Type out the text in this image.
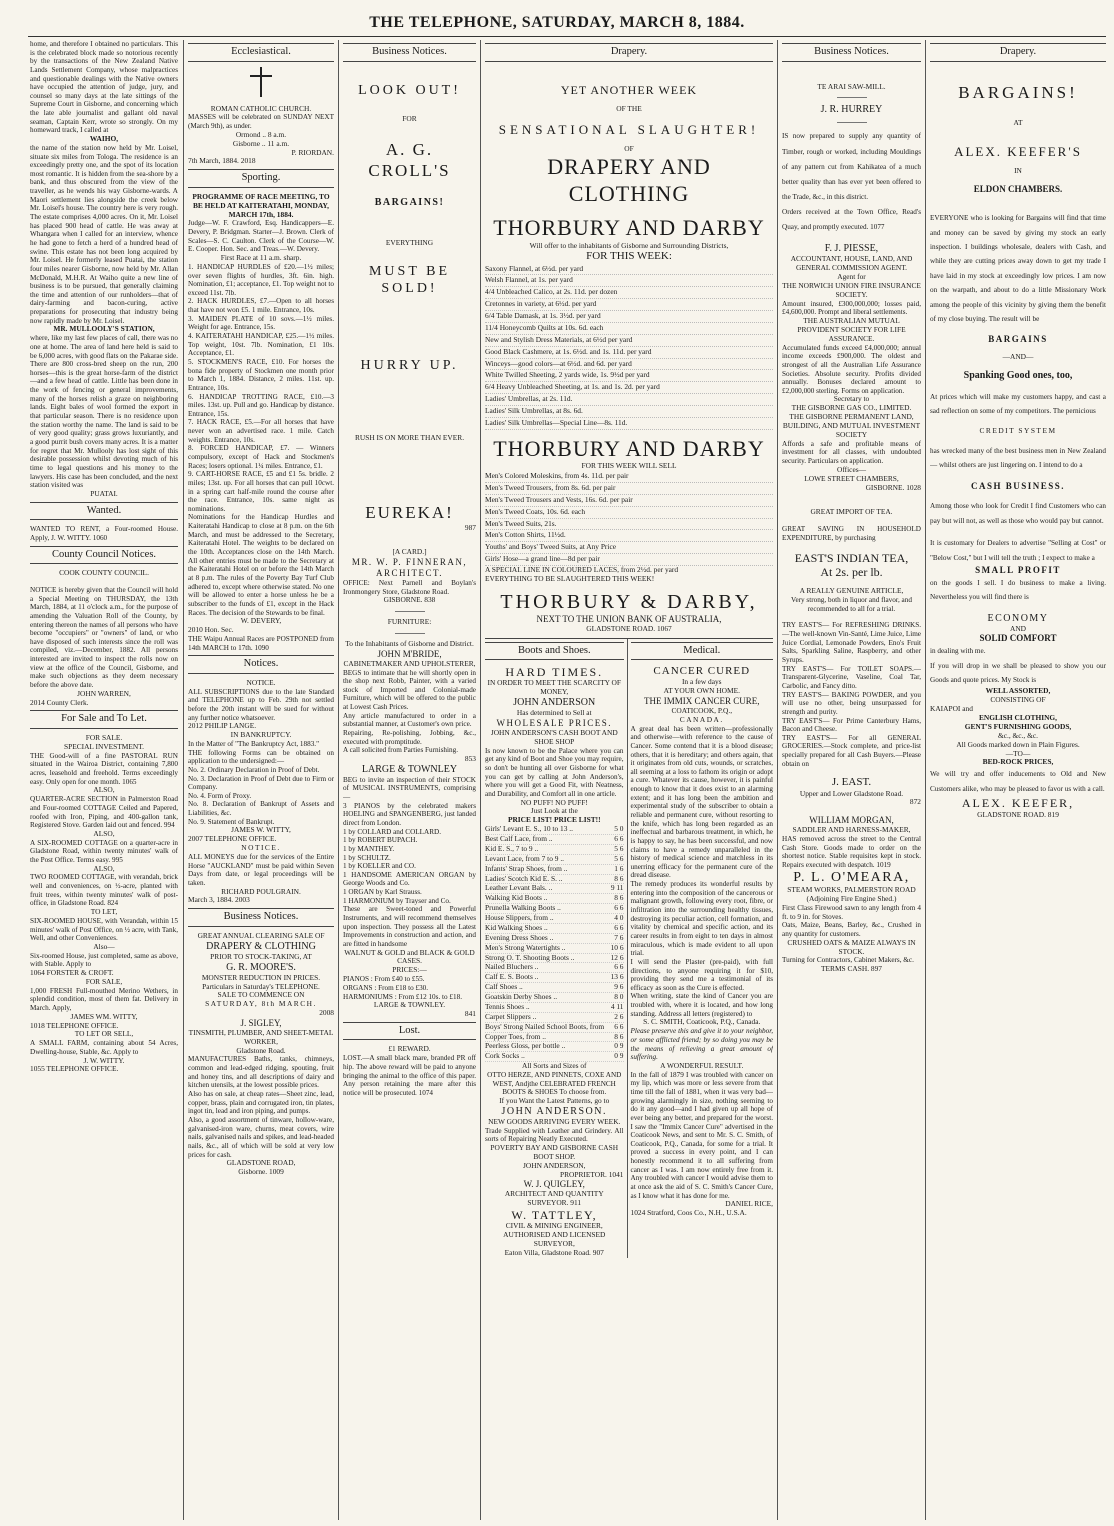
THE TELEPHONE, SATURDAY, MARCH 8, 1884.
home, and therefore I obtained no particulars. This is the celebrated block made so notorious recently by the transactions of the New Zealand Native Lands Settlement Company, whose malpractices and questionable dealings with the Native owners have occupied the attention of judge, jury, and counsel so many days at the late sittings of the Supreme Court in Gisborne, and concerning which the late able journalist and gallant old naval seaman, Captain Kerr, wrote so strongly. On my homeward track, I called at
WAIHO,
the name of the station now held by Mr. Loisel, situate six miles from Tologa. The residence is an exceedingly pretty one, and the spot of its location most romantic. It is hidden from the sea-shore by a bank, and thus obscured from the view of the traveller, as he wends his way Gisborne-wards. A Maori settlement lies alongside the creek below Mr. Loisel's house. The country here is very rough. The estate comprises 4,000 acres. On it, Mr. Loisel has placed 900 head of cattle. He was away at Whangara when I called for an interview, whence he had gone to fetch a herd of a hundred head of swine. This estate has not been long acquired by Mr. Loisel. He formerly leased Puatai, the station four miles nearer Gisborne, now held by Mr. Allan McDonald, M.H.R. At Waiho quite a new line of business is to be pursued, that generally claiming the time and attention of our runholders—that of dairy-farming and bacon-curing, active preparations for prosecuting that industry being now rapidly made by Mr. Loisel.
MR. MULLOOLY'S STATION,
where, like my last few places of call, there was no one at home. The area of land here held is said to be 6,000 acres, with good flats on the Pakarae side. There are 800 cross-bred sheep on the run, 200 horses—this is the great horse-farm of the district—and a few head of cattle. Little has been done in the work of fencing or general improvements, many of the horses relish a graze on neighboring lands. Eight bales of wool formed the export in that particular season. There is no residence upon the station worthy the name. The land is said to be of very good quality; grass grows luxuriantly, and a good purrit bush covers many acres. It is a matter for regret that Mr. Mullooly has lost sight of this desirable possession whilst devoting much of his time to legal questions and his money to the lawyers. His case has been concluded, and the next station visited was
PUATAI.
Wanted.
WANTED TO RENT, a Four-roomed House. Apply, J. W. WITTY. 1060
County Council Notices.
COOK COUNTY COUNCIL.
NOTICE is hereby given that the Council will hold a Special Meeting on THURSDAY, the 13th March, 1884, at 11 o'clock a.m., for the purpose of amending the Valuation Roll of the County, by entering thereon the names of all persons who have become "occupiers" or "owners" of land, or who have disposed of such interests since the roll was compiled, viz.—December, 1882. All persons interested are invited to inspect the rolls now on view at the office of the Council, Gisborne, and make such objections as they deem necessary before the above date.
JOHN WARREN,
2014 County Clerk.
For Sale and To Let.
FOR SALE.
SPECIAL INVESTMENT.
THE Good-will of a fine PASTORAL RUN situated in the Wairoa District, containing 7,800 acres, leasehold and freehold. Terms exceedingly easy. Only open for one month. 1065
ALSO,
QUARTER-ACRE SECTION in Palmerston Road and Four-roomed COTTAGE Ceiled and Papered, roofed with Iron, Piping, and 400-gallon tank, Registered Stove. Garden laid out and fenced. 994
ALSO,
A SIX-ROOMED COTTAGE on a quarter-acre in Gladstone Road, within twenty minutes' walk of the Post Office. Terms easy. 995
ALSO,
TWO ROOMED COTTAGE, with verandah, brick well and conveniences, on ½-acre, planted with fruit trees, within twenty minutes' walk of post-office, in Gladstone Road. 824
TO LET,
SIX-ROOMED HOUSE, with Verandah, within 15 minutes' walk of Post Office, on ½ acre, with Tank, Well, and other Conveniences.
Also—
Six-roomed House, just completed, same as above, with Stable. Apply to
1064 FORSTER & CROFT.
FOR SALE,
1,000 FRESH Full-mouthed Merino Wethers, in splendid condition, most of them fat. Delivery in March. Apply,
JAMES WM. WITTY,
1018 TELEPHONE OFFICE.
TO LET OR SELL,
A SMALL FARM, containing about 54 Acres, Dwelling-house, Stable, &c. Apply to
J. W. WITTY.
1055 TELEPHONE OFFICE.
Ecclesiastical.
ROMAN CATHOLIC CHURCH.
MASSES will be celebrated on SUNDAY NEXT (March 9th), as under.
Ormond .. 8 a.m.
Gisborne .. 11 a.m.
P. RIORDAN.
7th March, 1884. 2018
Sporting.
PROGRAMME OF RACE MEETING, TO BE HELD AT KAITERATAHI, MONDAY, MARCH 17th, 1884.
Judge—W. F. Crawford, Esq. Handicappers—E. Devery, P. Bridgman. Starter—J. Brown. Clerk of Scales—S. C. Caulton. Clerk of the Course—W. E. Cooper. Hon. Sec. and Treas.—W. Devery.
First Race at 11 a.m. sharp.
1. HANDICAP HURDLES of £20.—1½ miles; over seven flights of hurdles, 3ft. 6in. high. Nomination, £1; acceptance, £1. Top weight not to exceed 11st. 7lb.
2. HACK HURDLES, £7.—Open to all horses that have not won £5. 1 mile. Entrance, 10s.
3. MAIDEN PLATE of 10 sovs.—1½ miles. Weight for age. Entrance, 15s.
4. KAITERATAHI HANDICAP, £25.—1½ miles. Top weight, 10st. 7lb. Nomination, £1 10s. Acceptance, £1.
5. STOCKMEN'S RACE, £10. For horses the bona fide property of Stockmen one month prior to March 1, 1884. Distance, 2 miles. 11st. up. Entrance, 10s.
6. HANDICAP TROTTING RACE, £10.—3 miles. 13st. up. Pull and go. Handicap by distance. Entrance, 15s.
7. HACK RACE, £5.—For all horses that have never won an advertised race. 1 mile. Catch weights. Entrance, 10s.
8. FORCED HANDICAP, £7. — Winners compulsory, except of Hack and Stockmen's Races; losers optional. 1¼ miles. Entrance, £1.
9. CART-HORSE RACE, £5 and £1 5s. bridle. 2 miles; 13st. up. For all horses that can pull 10cwt. in a spring cart half-mile round the course after the race. Entrance, 10s. same night as nominations.
Nominations for the Handicap Hurdles and Kaiteratahi Handicap to close at 8 p.m. on the 6th March, and must be addressed to the Secretary, Kaiteratahi Hotel. The weights to be declared on the 10th. Acceptances close on the 14th March. All other entries must be made to the Secretary at the Kaiteratahi Hotel on or before the 14th March at 8 p.m. The rules of the Poverty Bay Turf Club adhered to, except where otherwise stated. No one will be allowed to enter a horse unless he be a subscriber to the funds of £1, except in the Hack Races. The decision of the Stewards to be final.
W. DEVERY,
2010 Hon. Sec.
THE Waipu Annual Races are POSTPONED from 14th MARCH to 17th. 1090
Notices.
NOTICE.
ALL SUBSCRIPTIONS due to the late Standard and TELEPHONE up to Feb. 29th not settled before the 20th instant will be sued for without any further notice whatsoever.
2012 PHILIP LANGE.
IN BANKRUPTCY.
In the Matter of "The Bankruptcy Act, 1883."
THE following Forms can be obtained on application to the undersigned:—
No. 2. Ordinary Declaration in Proof of Debt.
No. 3. Declaration in Proof of Debt due to Firm or Company.
No. 4. Form of Proxy.
No. 8. Declaration of Bankrupt of Assets and Liabilities, &c.
No. 9. Statement of Bankrupt.
JAMES W. WITTY,
2007 TELEPHONE OFFICE.
NOTICE.
ALL MONEYS due for the services of the Entire Horse "AUCKLAND" must be paid within Seven Days from date, or legal proceedings will be taken.
RICHARD POULGRAIN.
March 3, 1884. 2003
Business Notices.
GREAT ANNUAL CLEARING SALE OF
DRAPERY & CLOTHING
PRIOR TO STOCK-TAKING, AT
G. R. MOORE'S.
MONSTER REDUCTION IN PRICES.
Particulars in Saturday's TELEPHONE.
SALE TO COMMENCE ON
SATURDAY, 8th MARCH.
2008
J. SIGLEY,
TINSMITH, PLUMBER, AND SHEET-METAL WORKER,
Gladstone Road.
MANUFACTURES Baths, tanks, chimneys, common and lead-edged ridging, spouting, fruit and honey tins, and all descriptions of dairy and kitchen utensils, at the lowest possible prices.
Also has on sale, at cheap rates—Sheet zinc, lead, copper, brass, plain and corrugated iron, tin plates, ingot tin, lead and iron piping, and pumps.
Also, a good assortment of tinware, hollow-ware, galvanised-iron ware, churns, meat covers, wire nails, galvanised nails and spikes, and lead-headed nails, &c., all of which will be sold at very low prices for cash.
GLADSTONE ROAD,
Gisborne. 1009
Business Notices.
LOOK OUT!
FOR
A. G. CROLL'S
BARGAINS!
EVERYTHING
MUST BE SOLD!
HURRY UP.
RUSH IS ON MORE THAN EVER.
EUREKA!
987
[A CARD.]
MR. W. P. FINNERAN, ARCHITECT.
OFFICE: Next Parnell and Boylan's Ironmongery Store, Gladstone Road.
GISBORNE. 838
FURNITURE:
To the Inhabitants of Gisborne and District.
JOHN M'BRIDE,
CABINETMAKER AND UPHOLSTERER,
BEGS to intimate that he will shortly open in the shop next Robb, Painter, with a varied stock of Imported and Colonial-made Furniture, which will be offered to the public at Lowest Cash Prices.
Any article manufactured to order in a substantial manner, at Customer's own price.
Repairing, Re-polishing, Jobbing, &c., executed with promptitude.
A call solicited from Parties Furnishing.
853
LARGE & TOWNLEY
BEG to invite an inspection of their STOCK of MUSICAL INSTRUMENTS, comprising—
3 PIANOS by the celebrated makers HOELING and SPANGENBERG, just landed direct from London.
1 by COLLARD and COLLARD.
1 by ROBERT BUPACH.
1 by MANTHEY.
1 by SCHULTZ.
1 by KOELLER and CO.
1 HANDSOME AMERICAN ORGAN by George Woods and Co.
1 ORGAN by Karl Strauss.
1 HARMONIUM by Trayser and Co.
These are Sweet-toned and Powerful Instruments, and will recommend themselves upon inspection. They possess all the Latest Improvements in construction and action, and are fitted in handsome
WALNUT & GOLD and BLACK & GOLD CASES.
PRICES:—
PIANOS : From £40 to £55.
ORGANS : From £18 to £30.
HARMONIUMS : From £12 10s. to £18.
LARGE & TOWNLEY.
841
Lost.
£1 REWARD.
LOST.—A small black mare, branded PR off hip. The above reward will be paid to anyone bringing the animal to the office of this paper. Any person retaining the mare after this notice will be prosecuted. 1074
Drapery.
YET ANOTHER WEEK
OF THE
SENSATIONAL SLAUGHTER!
OF
DRAPERY AND CLOTHING
THORBURY AND DARBY
Will offer to the inhabitants of Gisborne and Surrounding Districts,
FOR THIS WEEK:
Saxony Flannel, at 6½d. per yard
Welsh Flannel, at 1s. per yard
4/4 Unbleached Calico, at 2s. 11d. per dozen
Cretonnes in variety, at 6½d. per yard
6/4 Table Damask, at 1s. 3½d. per yard
11/4 Honeycomb Quilts at 10s. 6d. each
New and Stylish Dress Materials, at 6½d per yard
Good Black Cashmere, at 1s. 6½d. and 1s. 11d. per yard
Winceys—good colors—at 6½d. and 6d. per yard
White Twilled Sheeting, 2 yards wide, 1s. 9½d per yard
6/4 Heavy Unbleached Sheeting, at 1s. and 1s. 2d. per yard
Ladies' Umbrellas, at 2s. 11d.
Ladies' Silk Umbrellas, at 8s. 6d.
Ladies' Silk Umbrellas—Special Line—8s. 11d.
THORBURY AND DARBY
FOR THIS WEEK WILL SELL
Men's Colored Moleskins, from 4s. 11d. per pair
Men's Tweed Trousers, from 8s. 6d. per pair
Men's Tweed Trousers and Vests, 16s. 6d. per pair
Men's Tweed Coats, 10s. 6d. each
Men's Tweed Suits, 21s.
Men's Cotton Shirts, 11½d.
Youths' and Boys' Tweed Suits, at Any Price
Girls' Hose—a grand line—8d per pair
A SPECIAL LINE IN COLOURED LACES, from 2½d. per yard
EVERYTHING TO BE SLAUGHTERED THIS WEEK!
THORBURY & DARBY,
NEXT TO THE UNION BANK OF AUSTRALIA,
GLADSTONE ROAD. 1067
Boots and Shoes.
HARD TIMES.
IN ORDER TO MEET THE SCARCITY OF MONEY,
JOHN ANDERSON
Has determined to Sell at
WHOLESALE PRICES.
JOHN ANDERSON'S CASH BOOT AND SHOE SHOP
Is now known to be the Palace where you can get any kind of Boot and Shoe you may require, so don't be hunting all over Gisborne for what you can get by calling at John Anderson's, where you will get a Good Fit, with Neatness, and Durability, and Comfort all in one article.
NO PUFF! NO PUFF!
Just Look at the
PRICE LIST! PRICE LIST!!
Girls' Levant E. S., 10 to 13 ..	5 0
Best Calf Lace, from ..	6 6
Kid E. S., 7 to 9 ..	5 6
Levant Lace, from 7 to 9 ..	5 6
Infants' Strap Shoes, from ..	1 6
Ladies' Scotch Kid E. S. ..	8 6
Leather Levant Bals. ..	9 11
Walking Kid Boots ..	8 6
Prunella Walking Boots ..	6 6
House Slippers, from ..	4 0
Kid Walking Shoes ..	6 6
Evening Dress Shoes ..	7 6
Men's Strong Watertights ..	10 6
Strong O. T. Shooting Boots ..	12 6
Nailed Bluchers ..	6 6
Calf E. S. Boots ..	13 6
Calf Shoes ..	9 6
Goatskin Derby Shoes ..	8 0
Tennis Shoes ..	4 11
Carpet Slippers ..	2 6
Boys' Strong Nailed School Boots, from 6 6
Copper Toes, from ..	8 6
Peerless Gloss, per bottle ..	0 9
Cork Socks ..	0 9
All Sorts and Sizes of
OTTO HERZE, AND PINNETS, COXE AND WEST, Andjthe CELEBRATED FRENCH BOOTS & SHOES To choose from.
If you Want the Latest Patterns, go to
JOHN ANDERSON.
NEW GOODS ARRIVING EVERY WEEK.
Trade Supplied with Leather and Grindery. All sorts of Repairing Neatly Executed.
POVERTY BAY AND GISBORNE CASH BOOT SHOP.
JOHN ANDERSON,
PROPRIETOR. 1041
W. J. QUIGLEY,
ARCHITECT AND QUANTITY SURVEYOR. 911
W. TATTLEY,
CIVIL & MINING ENGINEER,
AUTHORISED AND LICENSED SURVEYOR,
Eaton Villa, Gladstone Road. 907
Medical.
CANCER CURED
In a few days
AT YOUR OWN HOME.
THE IMMIX CANCER CURE,
COATICOOK, P.Q.,
CANADA.
A great deal has been written—professionally and otherwise—with reference to the cause of Cancer. Some contend that it is a blood disease; others, that it is hereditary; and others again, that it originates from old cuts, wounds, or scratches, all seeming at a loss to fathom its origin or adopt a cure. Whatever its cause, however, it is painful enough to know that it does exist to an alarming extent; and it has long been the ambition and experimental study of the subscriber to obtain a reliable and permanent cure, without resorting to the knife, which has long been regarded as an ineffectual and barbarous treatment, in which, he is happy to say, he has been successful, and now claims to have a remedy unparalleled in the history of medical science and matchless in its unerring efficacy for the permanent cure of the dread disease.
The remedy produces its wonderful results by entering into the composition of the cancerous or malignant growth, following every root, fibre, or infiltration into the surrounding healthy tissues, destroying its peculiar action, cell formation, and vitality by chemical and specific action, and its career results in from eight to ten days in almost miraculous, which is made evident to all upon trial.
I will send the Plaster (pre-paid), with full directions, to anyone requiring it for $10, providing they send me a testimonial of its efficacy as soon as the Cure is effected.
When writing, state the kind of Cancer you are troubled with, where it is located, and how long standing. Address all letters (registered) to
S. C. SMITH, Coaticook, P.Q., Canada.
Please preserve this and give it to your neighbor, or some afflicted friend; by so doing you may be the means of relieving a great amount of suffering.
A WONDERFUL RESULT.
In the fall of 1879 I was troubled with cancer on my lip, which was more or less severe from that time till the fall of 1881, when it was very bad—growing alarmingly in size, nothing seeming to do it any good—and I had given up all hope of ever being any better, and prepared for the worst. I saw the "Immix Cancer Cure" advertised in the Coaticook News, and sent to Mr. S. C. Smith, of Coaticook, P.Q., Canada, for some for a trial. It proved a success in every point, and I can honestly recommend it to all suffering from cancer as I was. I am now entirely free from it. Any troubled with cancer I would advise them to at once ask the aid of S. C. Smith's Cancer Cure, as I know what it has done for me.
DANIEL RICE,
1024 Stratford, Coos Co., N.H., U.S.A.
Business Notices.
TE ARAI SAW-MILL.
J. R. HURREY
IS now prepared to supply any quantity of Timber, rough or worked, including Mouldings of any pattern cut from Kahikatea of a much better quality than has ever yet been offered to the Trade, &c., in this district.
Orders received at the Town Office, Read's Quay, and promptly executed. 1077
F. J. PIESSE,
ACCOUNTANT, HOUSE, LAND, AND GENERAL COMMISSION AGENT.
Agent for
THE NORWICH UNION FIRE INSURANCE SOCIETY.
Amount insured, £300,000,000; losses paid, £4,600,000. Prompt and liberal settlements.
THE AUSTRALIAN MUTUAL PROVIDENT SOCIETY FOR LIFE ASSURANCE.
Accumulated funds exceed £4,000,000; annual income exceeds £900,000. The oldest and strongest of all the Australian Life Assurance Societies. Absolute security. Profits divided annually. Bonuses declared amount to £2,000,000 sterling. Forms on application.
Secretary to
THE GISBORNE GAS CO., LIMITED.
THE GISBORNE PERMANENT LAND, BUILDING, AND MUTUAL INVESTMENT SOCIETY
Affords a safe and profitable means of investment for all classes, with undoubted security. Particulars on application.
Offices—
LOWE STREET CHAMBERS,
GISBORNE. 1028
GREAT IMPORT OF TEA.
GREAT SAVING IN HOUSEHOLD EXPENDITURE, by purchasing
EAST'S INDIAN TEA,
At 2s. per lb.
A REALLY GENUINE ARTICLE,
Very strong, both in liquor and flavor, and recommended to all for a trial.
TRY EAST'S— For REFRESHING DRINKS.—The well-known Vin-Santé, Lime Juice, Lime Juice Cordial, Lemonade Powders, Eno's Fruit Salts, Sparkling Saline, Raspberry, and other Syrups.
TRY EAST'S— For TOILET SOAPS.—Transparent-Glycerine, Vaseline, Coal Tar, Carbolic, and Fancy ditto.
TRY EAST'S— BAKING POWDER, and you will use no other, being unsurpassed for strength and purity.
TRY EAST'S— For Prime Canterbury Hams, Bacon and Cheese.
TRY EAST'S— For all GENERAL GROCERIES.—Stock complete, and price-list specially prepared for all Cash Buyers.—Please obtain on
J. EAST.
Upper and Lower Gladstone Road.
872
WILLIAM MORGAN,
SADDLER AND HARNESS-MAKER,
HAS removed across the street to the Central Cash Store. Goods made to order on the shortest notice. Stable requisites kept in stock. Repairs executed with despatch. 1019
P. L. O'MEARA,
STEAM WORKS, PALMERSTON ROAD
(Adjoining Fire Engine Shed.)
First Class Firewood sawn to any length from 4 ft. to 9 in. for Stoves.
Oats, Maize, Beans, Barley, &c., Crushed in any quantity for customers.
CRUSHED OATS & MAIZE ALWAYS IN STOCK.
Turning for Contractors, Cabinet Makers, &c.
TERMS CASH. 897
Drapery.
BARGAINS!
AT
ALEX. KEEFER'S
IN
ELDON CHAMBERS.
EVERYONE who is looking for Bargains will find that time and money can be saved by giving my stock an early inspection. I buildings wholesale, dealers with Cash, and while they are cutting prices away down to get my trade I have laid in my stock at exceedingly low prices. I am now on the warpath, and about to do a little Missionary Work among the people of this vicinity by giving them the benefit of my close buying. The result will be
BARGAINS
—AND—
Spanking Good ones, too,
At prices which will make my customers happy, and cast a sad reflection on some of my competitors. The pernicious
CREDIT SYSTEM
has wrecked many of the best business men in New Zealand — whilst others are just lingering on. I intend to do a
CASH BUSINESS.
Among those who look for Credit I find Customers who can pay but will not, as well as those who would pay but cannot.
It is customary for Dealers to advertise "Selling at Cost" or "Below Cost," but I will tell the truth ; I expect to make a
SMALL PROFIT
on the goods I sell. I do business to make a living. Nevertheless you will find there is
ECONOMY
AND
SOLID COMFORT
in dealing with me.
If you will drop in we shall be pleased to show you our Goods and quote prices. My Stock is
WELL ASSORTED,
CONSISTING OF
KAIAPOI and
ENGLISH CLOTHING,
GENT'S FURNISHING GOODS,
&c., &c., &c.
All Goods marked down in Plain Figures.
—TO—
BED-ROCK PRICES,
We will try and offer inducements to Old and New Customers alike, who may be pleased to favor us with a call.
ALEX. KEEFER,
GLADSTONE ROAD. 819
